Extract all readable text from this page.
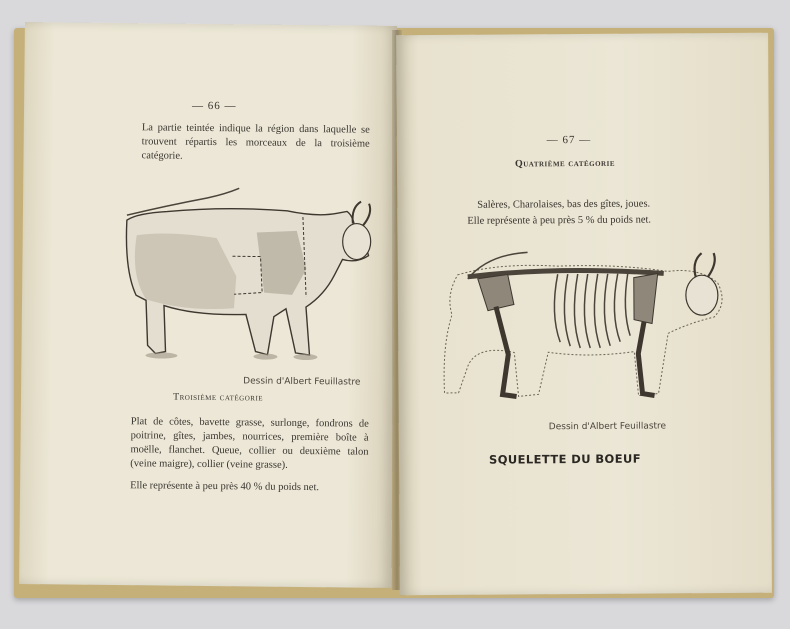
— 66 —
La partie teintée indique la région dans laquelle se trouvent répartis les morceaux de la troisième catégorie.
Dessin d'Albert Feuillastre
Troisième catégorie
Plat de côtes, bavette grasse, surlonge, fondrons de poitrine, gîtes, jambes, nourrices, première boîte à moëlle, flanchet. Queue, collier ou deuxième talon (veine maigre), collier (veine grasse).
Elle représente à peu près 40 % du poids net.
— 67 —
Quatrième catégorie
Salères, Charolaises, bas des gîtes, joues.
Elle représente à peu près 5 % du poids net.
Dessin d'Albert Feuillastre
SQUELETTE DU BOEUF
